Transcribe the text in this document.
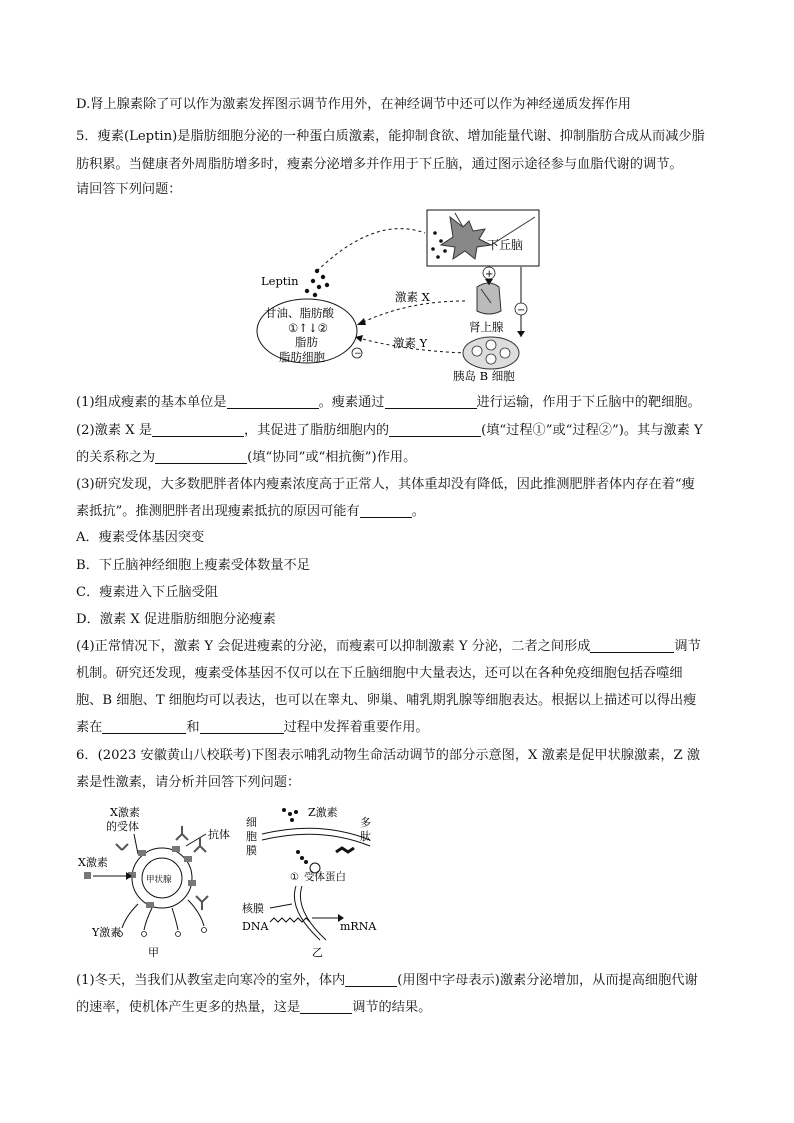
D.肾上腺素除了可以作为激素发挥图示调节作用外，在神经调节中还可以作为神经递质发挥作用
5．瘦素(Leptin)是脂肪细胞分泌的一种蛋白质激素，能抑制食欲、增加能量代谢、抑制脂肪合成从而减少脂
肪积累。当健康者外周脂肪增多时，瘦素分泌增多并作用于下丘脑，通过图示途径参与血脂代谢的调节。
请回答下列问题：
下丘脑
Leptin
甘油、脂肪酸
①↑↓②
脂肪
脂肪细胞
激素 X
激素 Y
−
肾上腺
+
−
胰岛 B 细胞
(1)组成瘦素的基本单位是	。瘦素通过	进行运输，作用于下丘脑中的靶细胞。
(2)激素 X 是	，其促进了脂肪细胞内的	(填“过程①”或“过程②”)。其与激素 Y
的关系称之为	(填“协同”或“相抗衡”)作用。
(3)研究发现，大多数肥胖者体内瘦素浓度高于正常人，其体重却没有降低，因此推测肥胖者体内存在着“瘦
素抵抗”。推测肥胖者出现瘦素抵抗的原因可能有	。
A．瘦素受体基因突变
B．下丘脑神经细胞上瘦素受体数量不足
C．瘦素进入下丘脑受阻
D．激素 X 促进脂肪细胞分泌瘦素
(4)正常情况下，激素 Y 会促进瘦素的分泌，而瘦素可以抑制激素 Y 分泌，二者之间形成	调节
机制。研究还发现，瘦素受体基因不仅可以在下丘脑细胞中大量表达，还可以在各种免疫细胞包括吞噬细
胞、B 细胞、T 细胞均可以表达，也可以在睾丸、卵巢、哺乳期乳腺等细胞表达。根据以上描述可以得出瘦
素在	和	过程中发挥着重要作用。
6．(2023 安徽黄山八校联考)下图表示哺乳动物生命活动调节的部分示意图，X 激素是促甲状腺激素，Z 激
素是性激素，请分析并回答下列问题：
X激素
的受体
抗体
甲状腺
X激素
Y激素
甲
Z激素
细
胞
膜
多
肽
① 受体蛋白
核膜
DNA	mRNA
乙
(1)冬天，当我们从教室走向寒冷的室外，体内	(用图中字母表示)激素分泌增加，从而提高细胞代谢
的速率，使机体产生更多的热量，这是	调节的结果。
